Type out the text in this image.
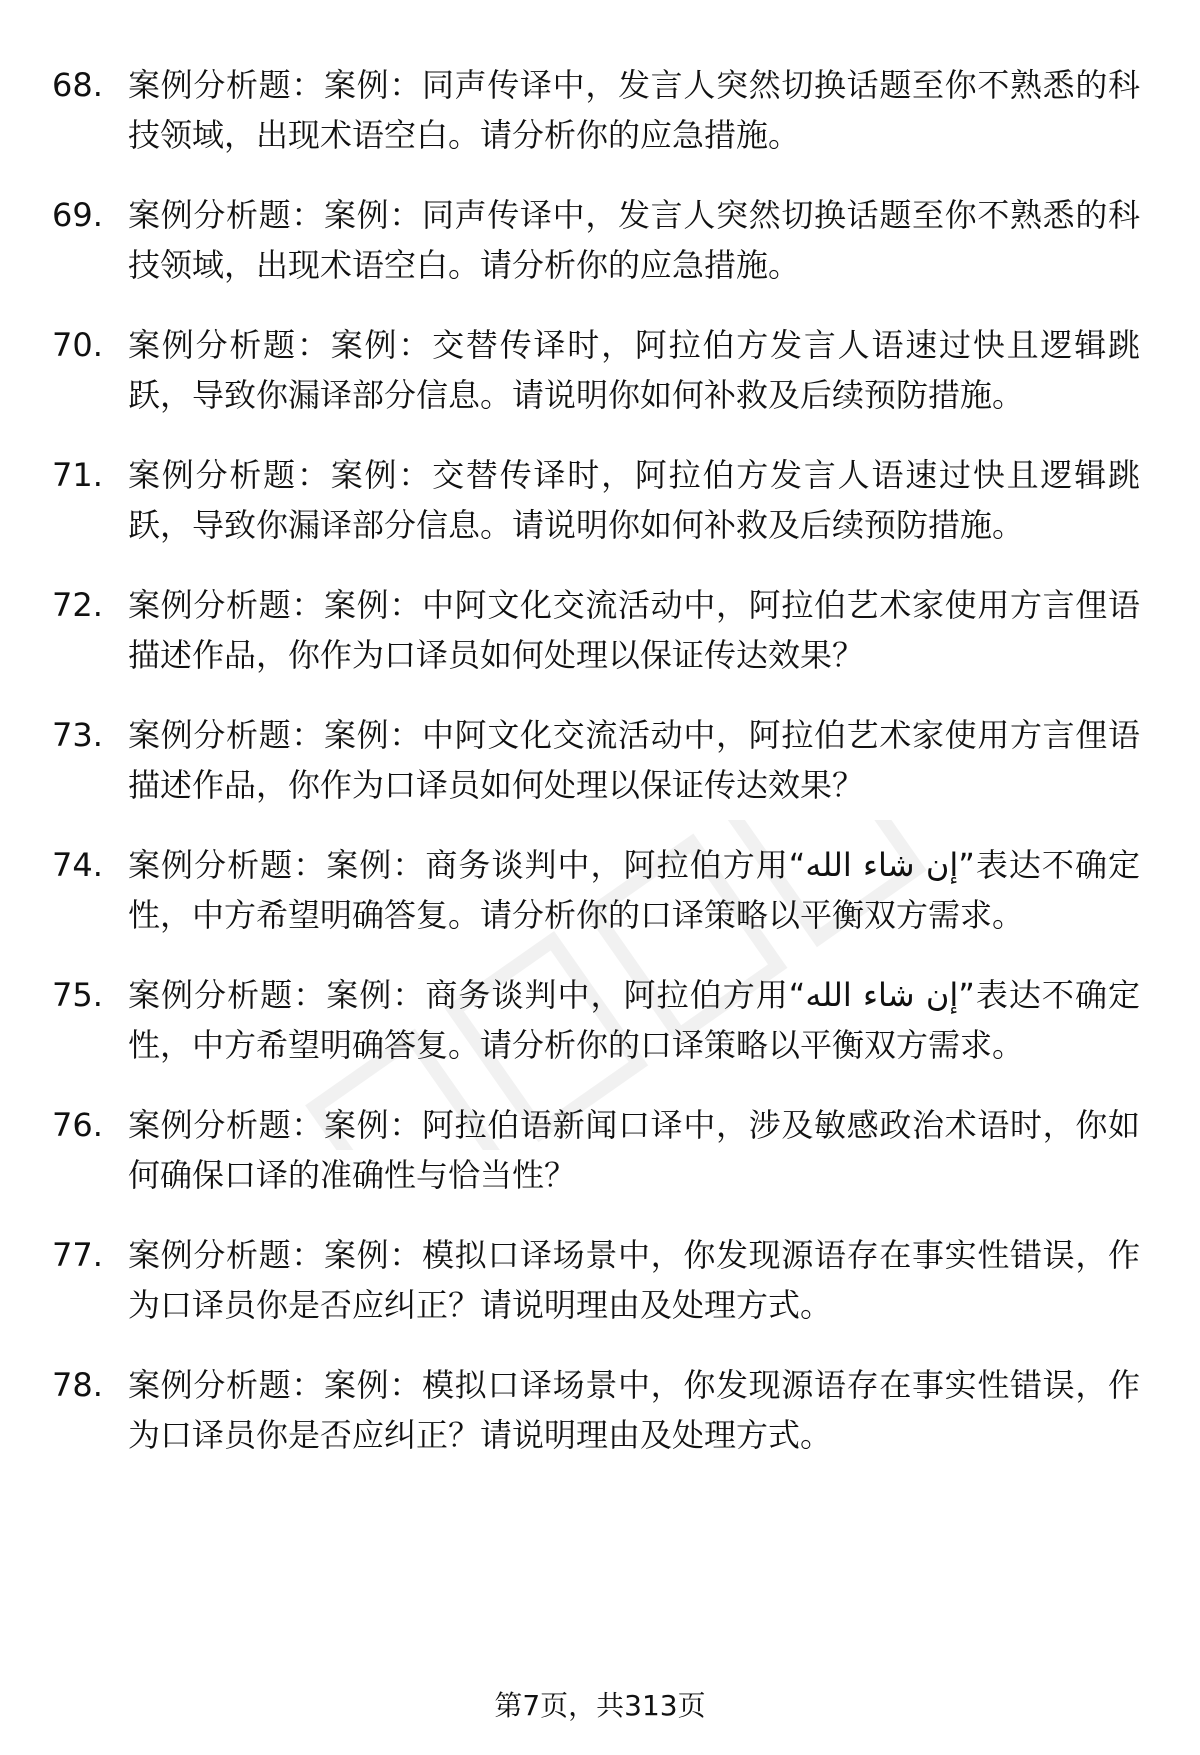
68. 案例分析题：案例：同声传译中，发言人突然切换话题至你不熟悉的科技领域，出现术语空白。请分析你的应急措施。
69. 案例分析题：案例：同声传译中，发言人突然切换话题至你不熟悉的科技领域，出现术语空白。请分析你的应急措施。
70. 案例分析题：案例：交替传译时，阿拉伯方发言人语速过快且逻辑跳跃，导致你漏译部分信息。请说明你如何补救及后续预防措施。
71. 案例分析题：案例：交替传译时，阿拉伯方发言人语速过快且逻辑跳跃，导致你漏译部分信息。请说明你如何补救及后续预防措施。
72. 案例分析题：案例：中阿文化交流活动中，阿拉伯艺术家使用方言俚语描述作品，你作为口译员如何处理以保证传达效果？
73. 案例分析题：案例：中阿文化交流活动中，阿拉伯艺术家使用方言俚语描述作品，你作为口译员如何处理以保证传达效果？
74. 案例分析题：案例：商务谈判中，阿拉伯方用“إن شاء الله”表达不确定性，中方希望明确答复。请分析你的口译策略以平衡双方需求。
75. 案例分析题：案例：商务谈判中，阿拉伯方用“إن شاء الله”表达不确定性，中方希望明确答复。请分析你的口译策略以平衡双方需求。
76. 案例分析题：案例：阿拉伯语新闻口译中，涉及敏感政治术语时，你如何确保口译的准确性与恰当性？
77. 案例分析题：案例：模拟口译场景中，你发现源语存在事实性错误，作为口译员你是否应纠正？请说明理由及处理方式。
78. 案例分析题：案例：模拟口译场景中，你发现源语存在事实性错误，作为口译员你是否应纠正？请说明理由及处理方式。
第7页，共313页
